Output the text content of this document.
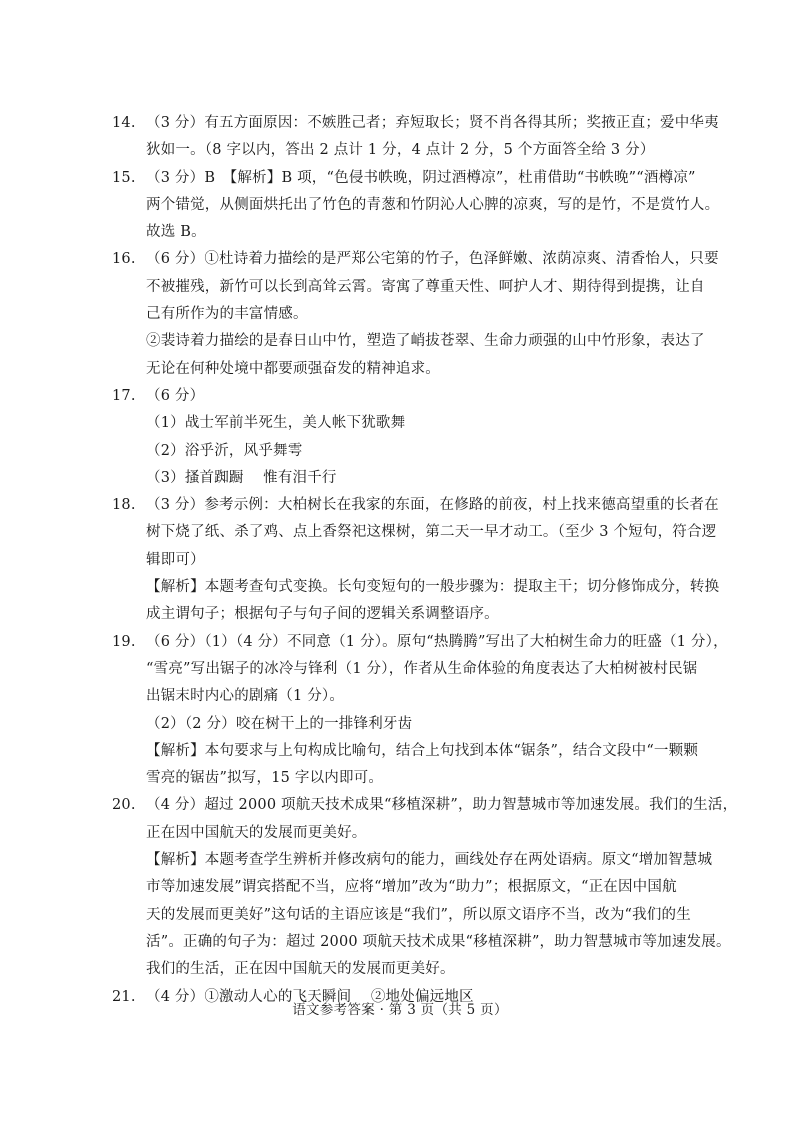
14. （3 分）有五方面原因：不嫉胜己者；弃短取长；贤不肖各得其所；奖掖正直；爱中华夷
狄如一。（8 字以内，答出 2 点计 1 分，4 点计 2 分，5 个方面答全给 3 分）
15. （3 分）B　【解析】B 项，“色侵书帙晚，阴过酒樽凉”，杜甫借助“书帙晚”“酒樽凉”
两个错觉，从侧面烘托出了竹色的青葱和竹阴沁人心脾的凉爽，写的是竹，不是赏竹人。
故选 B。
16. （6 分）①杜诗着力描绘的是严郑公宅第的竹子，色泽鲜嫩、浓荫凉爽、清香怡人，只要
不被摧残，新竹可以长到高耸云霄。寄寓了尊重天性、呵护人才、期待得到提携，让自
己有所作为的丰富情感。
②裴诗着力描绘的是春日山中竹，塑造了峭拔苍翠、生命力顽强的山中竹形象，表达了
无论在何种处境中都要顽强奋发的精神追求。
17. （6 分）
（1）战士军前半死生，美人帐下犹歌舞
（2）浴乎沂，风乎舞雩
（3）搔首踟蹰　 惟有泪千行
18. （3 分）参考示例：大柏树长在我家的东面，在修路的前夜，村上找来德高望重的长者在
树下烧了纸、杀了鸡、点上香祭祀这棵树，第二天一早才动工。（至少 3 个短句，符合逻
辑即可）
【解析】本题考查句式变换。长句变短句的一般步骤为：提取主干；切分修饰成分，转换
成主谓句子；根据句子与句子间的逻辑关系调整语序。
19. （6 分）（1）（4 分）不同意（1 分）。原句“热腾腾”写出了大柏树生命力的旺盛（1 分），
“雪亮”写出锯子的冰冷与锋利（1 分），作者从生命体验的角度表达了大柏树被村民锯
出锯末时内心的剧痛（1 分）。
（2）（2 分）咬在树干上的一排锋利牙齿
【解析】本句要求与上句构成比喻句，结合上句找到本体“锯条”，结合文段中“一颗颗
雪亮的锯齿”拟写，15 字以内即可。
20. （4 分）超过 2000 项航天技术成果“移植深耕”，助力智慧城市等加速发展。我们的生活，
正在因中国航天的发展而更美好。
【解析】本题考查学生辨析并修改病句的能力，画线处存在两处语病。原文“增加智慧城
市等加速发展”谓宾搭配不当，应将“增加”改为“助力”；根据原文，“正在因中国航
天的发展而更美好”这句话的主语应该是“我们”，所以原文语序不当，改为“我们的生
活”。正确的句子为：超过 2000 项航天技术成果“移植深耕”，助力智慧城市等加速发展。
我们的生活，正在因中国航天的发展而更美好。
21. （4 分）①激动人心的飞天瞬间　 ②地处偏远地区
语文参考答案 · 第 3 页（共 5 页）
